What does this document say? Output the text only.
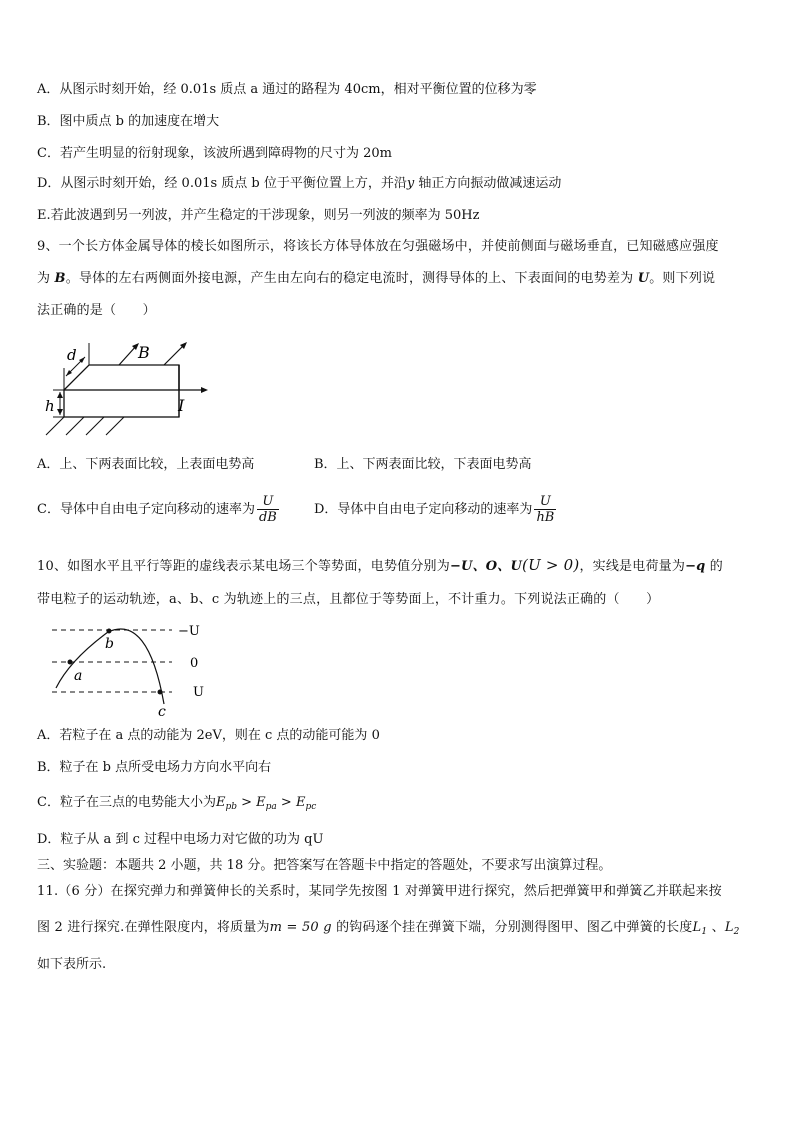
A．从图示时刻开始，经 0.01s 质点 a 通过的路程为 40cm，相对平衡位置的位移为零
B．图中质点 b 的加速度在增大
C．若产生明显的衍射现象，该波所遇到障碍物的尺寸为 20m
D．从图示时刻开始，经 0.01s 质点 b 位于平衡位置上方，并沿y 轴正方向振动做减速运动
E.若此波遇到另一列波，并产生稳定的干涉现象，则另一列波的频率为 50Hz
9、一个长方体金属导体的棱长如图所示，将该长方体导体放在匀强磁场中，并使前侧面与磁场垂直，已知磁感应强度
为 B。导体的左右两侧面外接电源，产生由左向右的稳定电流时，测得导体的上、下表面间的电势差为 U。则下列说
法正确的是（　　）
d
h
B
I
A．上、下两表面比较，上表面电势高	B．上、下两表面比较，下表面电势高
C．导体中自由电子定向移动的速率为 $\frac{U}{dB}$	D．导体中自由电子定向移动的速率为 $\frac{U}{hB}$
10、如图水平且平行等距的虚线表示某电场三个等势面，电势值分别为−U、O、U(U > 0)，实线是电荷量为−q 的
带电粒子的运动轨迹，a、b、c 为轨迹上的三点，且都位于等势面上，不计重力。下列说法正确的（　　）
a
b
c
−U
0
U
A．若粒子在 a 点的动能为 2eV，则在 c 点的动能可能为 0
B．粒子在 b 点所受电场力方向水平向右
C．粒子在三点的电势能大小为$E_{pb} > E_{pa} > E_{pc}$
D．粒子从 a 到 c 过程中电场力对它做的功为 qU
三、实验题：本题共 2 小题，共 18 分。把答案写在答题卡中指定的答题处，不要求写出演算过程。
11.（6 分）在探究弹力和弹簧伸长的关系时，某同学先按图 1 对弹簧甲进行探究，然后把弹簧甲和弹簧乙并联起来按
图 2 进行探究.在弹性限度内，将质量为m = 50 g 的钩码逐个挂在弹簧下端，分别测得图甲、图乙中弹簧的长度$L_1$ 、$L_2$
如下表所示.
